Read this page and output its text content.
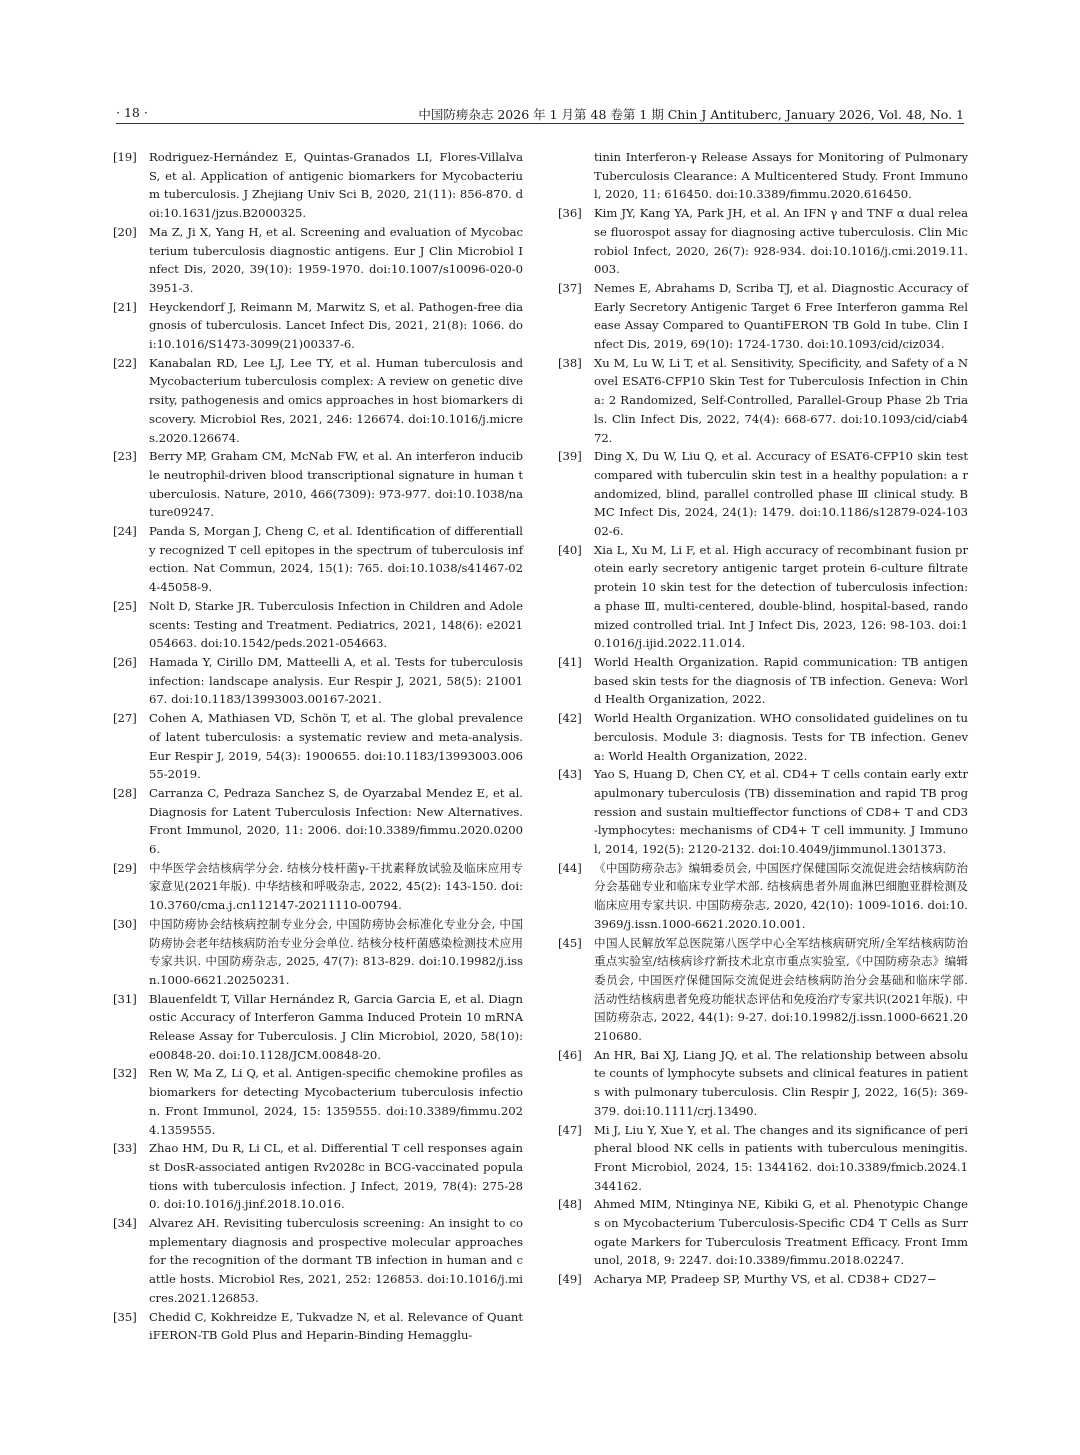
· 18 ·	中国防痨杂志 2026 年 1 月第 48 卷第 1 期 Chin J Antituberc, January 2026, Vol. 48, No. 1

[19] Rodriguez-Hernández E, Quintas-Granados LI, Flores-Villalva S, et al. Application of antigenic biomarkers for Mycobacterium tuberculosis. J Zhejiang Univ Sci B, 2020, 21(11): 856-870. doi:10.1631/jzus.B2000325.

[20] Ma Z, Ji X, Yang H, et al. Screening and evaluation of Mycobacterium tuberculosis diagnostic antigens. Eur J Clin Microbiol Infect Dis, 2020, 39(10): 1959-1970. doi:10.1007/s10096-020-03951-3.

[21] Heyckendorf J, Reimann M, Marwitz S, et al. Pathogen-free diagnosis of tuberculosis. Lancet Infect Dis, 2021, 21(8): 1066. doi:10.1016/S1473-3099(21)00337-6.

[22] Kanabalan RD, Lee LJ, Lee TY, et al. Human tuberculosis and Mycobacterium tuberculosis complex: A review on genetic diversity, pathogenesis and omics approaches in host biomarkers discovery. Microbiol Res, 2021, 246: 126674. doi:10.1016/j.micres.2020.126674.

[23] Berry MP, Graham CM, McNab FW, et al. An interferon inducible neutrophil-driven blood transcriptional signature in human tuberculosis. Nature, 2010, 466(7309): 973-977. doi:10.1038/nature09247.

[24] Panda S, Morgan J, Cheng C, et al. Identification of differentially recognized T cell epitopes in the spectrum of tuberculosis infection. Nat Commun, 2024, 15(1): 765. doi:10.1038/s41467-024-45058-9.

[25] Nolt D, Starke JR. Tuberculosis Infection in Children and Adolescents: Testing and Treatment. Pediatrics, 2021, 148(6): e2021054663. doi:10.1542/peds.2021-054663.

[26] Hamada Y, Cirillo DM, Matteelli A, et al. Tests for tuberculosis infection: landscape analysis. Eur Respir J, 2021, 58(5): 2100167. doi:10.1183/13993003.00167-2021.

[27] Cohen A, Mathiasen VD, Schön T, et al. The global prevalence of latent tuberculosis: a systematic review and meta-analysis. Eur Respir J, 2019, 54(3): 1900655. doi:10.1183/13993003.00655-2019.

[28] Carranza C, Pedraza Sanchez S, de Oyarzabal Mendez E, et al. Diagnosis for Latent Tuberculosis Infection: New Alternatives. Front Immunol, 2020, 11: 2006. doi:10.3389/fimmu.2020.02006.

[29] 中华医学会结核病学分会. 结核分枝杆菌γ-干扰素释放试验及临床应用专家意见(2021年版). 中华结核和呼吸杂志, 2022, 45(2): 143-150. doi:10.3760/cma.j.cn112147-20211110-00794.

[30] 中国防痨协会结核病控制专业分会, 中国防痨协会标准化专业分会, 中国防痨协会老年结核病防治专业分会单位. 结核分枝杆菌感染检测技术应用专家共识. 中国防痨杂志, 2025, 47(7): 813-829. doi:10.19982/j.issn.1000-6621.20250231.

[31] Blauenfeldt T, Villar Hernández R, Garcia Garcia E, et al. Diagnostic Accuracy of Interferon Gamma Induced Protein 10 mRNA Release Assay for Tuberculosis. J Clin Microbiol, 2020, 58(10): e00848-20. doi:10.1128/JCM.00848-20.

[32] Ren W, Ma Z, Li Q, et al. Antigen-specific chemokine profiles as biomarkers for detecting Mycobacterium tuberculosis infection. Front Immunol, 2024, 15: 1359555. doi:10.3389/fimmu.2024.1359555.

[33] Zhao HM, Du R, Li CL, et al. Differential T cell responses against DosR-associated antigen Rv2028c in BCG-vaccinated populations with tuberculosis infection. J Infect, 2019, 78(4): 275-280. doi:10.1016/j.jinf.2018.10.016.

[34] Alvarez AH. Revisiting tuberculosis screening: An insight to complementary diagnosis and prospective molecular approaches for the recognition of the dormant TB infection in human and cattle hosts. Microbiol Res, 2021, 252: 126853. doi:10.1016/j.micres.2021.126853.

[35] Chedid C, Kokhreidze E, Tukvadze N, et al. Relevance of QuantiFERON-TB Gold Plus and Heparin-Binding Hemagglu-

tinin Interferon-γ Release Assays for Monitoring of Pulmonary Tuberculosis Clearance: A Multicentered Study. Front Immunol, 2020, 11: 616450. doi:10.3389/fimmu.2020.616450.

[36] Kim JY, Kang YA, Park JH, et al. An IFN γ and TNF α dual release fluorospot assay for diagnosing active tuberculosis. Clin Microbiol Infect, 2020, 26(7): 928-934. doi:10.1016/j.cmi.2019.11.003.

[37] Nemes E, Abrahams D, Scriba TJ, et al. Diagnostic Accuracy of Early Secretory Antigenic Target 6 Free Interferon gamma Release Assay Compared to QuantiFERON TB Gold In tube. Clin Infect Dis, 2019, 69(10): 1724-1730. doi:10.1093/cid/ciz034.

[38] Xu M, Lu W, Li T, et al. Sensitivity, Specificity, and Safety of a Novel ESAT6-CFP10 Skin Test for Tuberculosis Infection in China: 2 Randomized, Self-Controlled, Parallel-Group Phase 2b Trials. Clin Infect Dis, 2022, 74(4): 668-677. doi:10.1093/cid/ciab472.

[39] Ding X, Du W, Liu Q, et al. Accuracy of ESAT6-CFP10 skin test compared with tuberculin skin test in a healthy population: a randomized, blind, parallel controlled phase Ⅲ clinical study. BMC Infect Dis, 2024, 24(1): 1479. doi:10.1186/s12879-024-10302-6.

[40] Xia L, Xu M, Li F, et al. High accuracy of recombinant fusion protein early secretory antigenic target protein 6-culture filtrate protein 10 skin test for the detection of tuberculosis infection: a phase Ⅲ, multi-centered, double-blind, hospital-based, randomized controlled trial. Int J Infect Dis, 2023, 126: 98-103. doi:10.1016/j.ijid.2022.11.014.

[41] World Health Organization. Rapid communication: TB antigen based skin tests for the diagnosis of TB infection. Geneva: World Health Organization, 2022.

[42] World Health Organization. WHO consolidated guidelines on tuberculosis. Module 3: diagnosis. Tests for TB infection. Geneva: World Health Organization, 2022.

[43] Yao S, Huang D, Chen CY, et al. CD4+ T cells contain early extrapulmonary tuberculosis (TB) dissemination and rapid TB progression and sustain multieffector functions of CD8+ T and CD3-lymphocytes: mechanisms of CD4+ T cell immunity. J Immunol, 2014, 192(5): 2120-2132. doi:10.4049/jimmunol.1301373.

[44] 《中国防痨杂志》编辑委员会, 中国医疗保健国际交流促进会结核病防治分会基础专业和临床专业学术部. 结核病患者外周血淋巴细胞亚群检测及临床应用专家共识. 中国防痨杂志, 2020, 42(10): 1009-1016. doi:10.3969/j.issn.1000-6621.2020.10.001.

[45] 中国人民解放军总医院第八医学中心全军结核病研究所/全军结核病防治重点实验室/结核病诊疗新技术北京市重点实验室,《中国防痨杂志》编辑委员会, 中国医疗保健国际交流促进会结核病防治分会基础和临床学部. 活动性结核病患者免疫功能状态评估和免疫治疗专家共识(2021年版). 中国防痨杂志, 2022, 44(1): 9-27. doi:10.19982/j.issn.1000-6621.20210680.

[46] An HR, Bai XJ, Liang JQ, et al. The relationship between absolute counts of lymphocyte subsets and clinical features in patients with pulmonary tuberculosis. Clin Respir J, 2022, 16(5): 369-379. doi:10.1111/crj.13490.

[47] Mi J, Liu Y, Xue Y, et al. The changes and its significance of peripheral blood NK cells in patients with tuberculous meningitis. Front Microbiol, 2024, 15: 1344162. doi:10.3389/fmicb.2024.1344162.

[48] Ahmed MIM, Ntinginya NE, Kibiki G, et al. Phenotypic Changes on Mycobacterium Tuberculosis-Specific CD4 T Cells as Surrogate Markers for Tuberculosis Treatment Efficacy. Front Immunol, 2018, 9: 2247. doi:10.3389/fimmu.2018.02247.

[49] Acharya MP, Pradeep SP, Murthy VS, et al. CD38+ CD27−
